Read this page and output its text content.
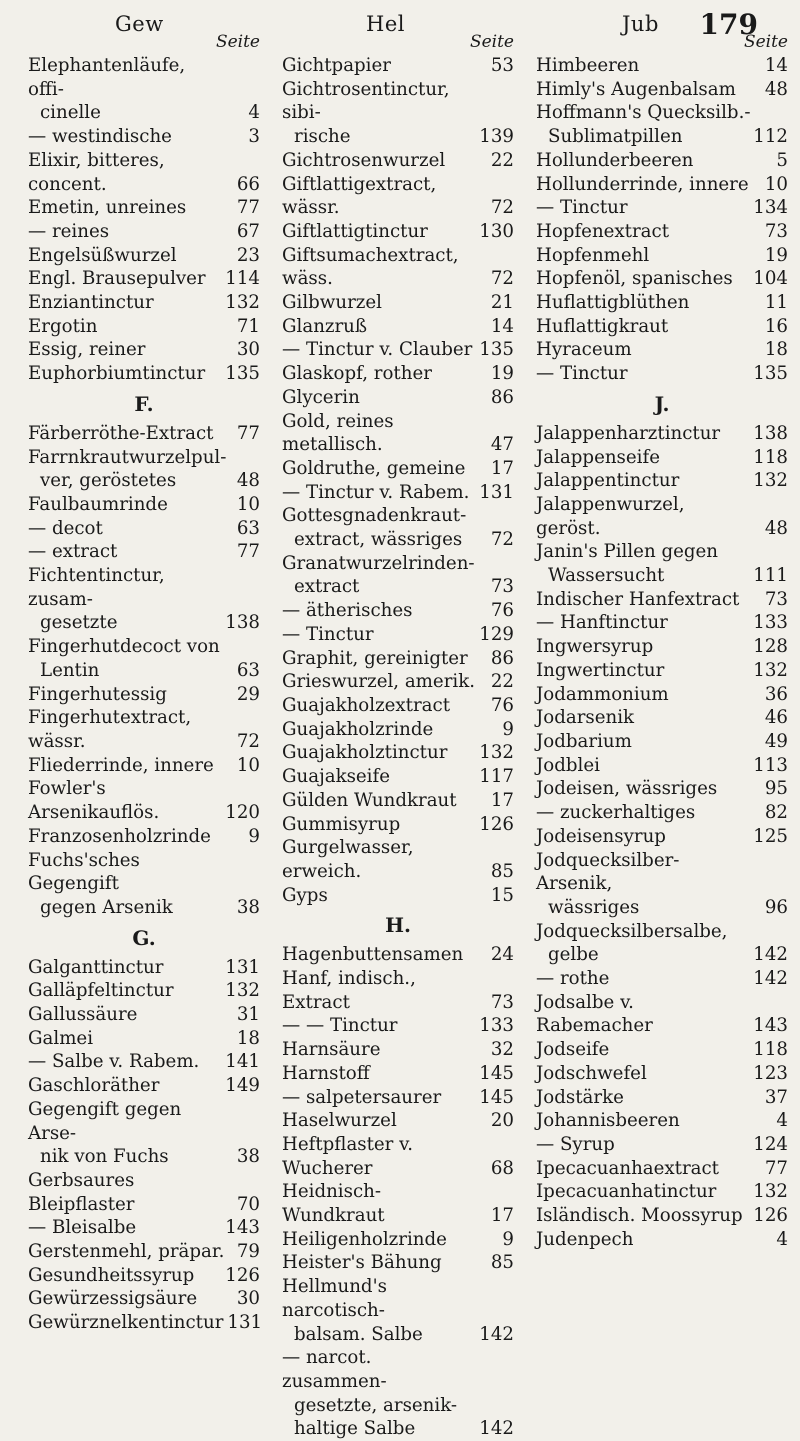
Gew	Hel	Jub 179
Seite
Elephantenläufe, offi-
cinelle	4
— westindische	3
Elixir, bitteres, concent.	66
Emetin, unreines	77
— reines	67
Engelsüßwurzel	23
Engl. Brausepulver	114
Enziantinctur	132
Ergotin	71
Essig, reiner	30
Euphorbiumtinctur	135
F.
Färberröthe-Extract	77
Farrnkrautwurzelpul-
ver, geröstetes	48
Faulbaumrinde	10
— decot	63
— extract	77
Fichtentinctur, zusam-
gesetzte	138
Fingerhutdecoct von
Lentin	63
Fingerhutessig	29
Fingerhutextract, wässr.	72
Fliederrinde, innere	10
Fowler's Arsenikauflös.	120
Franzosenholzrinde	9
Fuchs'sches Gegengift
gegen Arsenik	38
G.
Galganttinctur	131
Galläpfeltinctur	132
Gallussäure	31
Galmei	18
— Salbe v. Rabem.	141
Gaschloräther	149
Gegengift gegen Arse-
nik von Fuchs	38
Gerbsaures Bleipflaster	70
— Bleisalbe	143
Gerstenmehl, präpar. 79
Gesundheitssyrup	126
Gewürzessigsäure	30
Gewürznelkentinctur 131
Seite
Gichtpapier	53
Gichtrosentinctur, sibi-
rische	139
Gichtrosenwurzel	22
Giftlattigextract, wässr.	72
Giftlattigtinctur	130
Giftsumachextract, wäss.	72
Gilbwurzel	21
Glanzruß	14
— Tinctur v. Clauber 135
Glaskopf, rother	19
Glycerin	86
Gold, reines metallisch.	47
Goldruthe, gemeine	17
— Tinctur v. Rabem. 131
Gottesgnadenkraut-
extract, wässriges	72
Granatwurzelrinden-
extract	73
— ätherisches	76
— Tinctur	129
Graphit, gereinigter	86
Grieswurzel, amerik. 22
Guajakholzextract	76
Guajakholzrinde	9
Guajakholztinctur	132
Guajakseife	117
Gülden Wundkraut	17
Gummisyrup	126
Gurgelwasser, erweich.	85
Gyps	15
H.
Hagenbuttensamen	24
Hanf, indisch., Extract	73
— — Tinctur	133
Harnsäure	32
Harnstoff	145
— salpetersaurer	145
Haselwurzel	20
Heftpflaster v. Wucherer	68
Heidnisch-Wundkraut	17
Heiligenholzrinde	9
Heister's Bähung	85
Hellmund's narcotisch-
balsam. Salbe	142
— narcot. zusammen-
gesetzte, arsenik-
haltige Salbe	142
Seite
Himbeeren	14
Himly's Augenbalsam	48
Hoffmann's Quecksilb.-
Sublimatpillen	112
Hollunderbeeren	5
Hollunderrinde, innere 10
— Tinctur	134
Hopfenextract	73
Hopfenmehl	19
Hopfenöl, spanisches	104
Huflattigblüthen	11
Huflattigkraut	16
Hyraceum	18
— Tinctur	135
J.
Jalappenharztinctur	138
Jalappenseife	118
Jalappentinctur	132
Jalappenwurzel, geröst.	48
Janin's Pillen gegen
Wassersucht	111
Indischer Hanfextract	73
— Hanftinctur	133
Ingwersyrup	128
Ingwertinctur	132
Jodammonium	36
Jodarsenik	46
Jodbarium	49
Jodblei	113
Jodeisen, wässriges	95
— zuckerhaltiges	82
Jodeisensyrup	125
Jodquecksilber-Arsenik,
wässriges	96
Jodquecksilbersalbe,
gelbe	142
— rothe	142
Jodsalbe v. Rabemacher	143
Jodseife	118
Jodschwefel	123
Jodstärke	37
Johannisbeeren	4
— Syrup	124
Ipecacuanhaextract	77
Ipecacuanhatinctur	132
Isländisch. Moossyrup 126
Judenpech	4
